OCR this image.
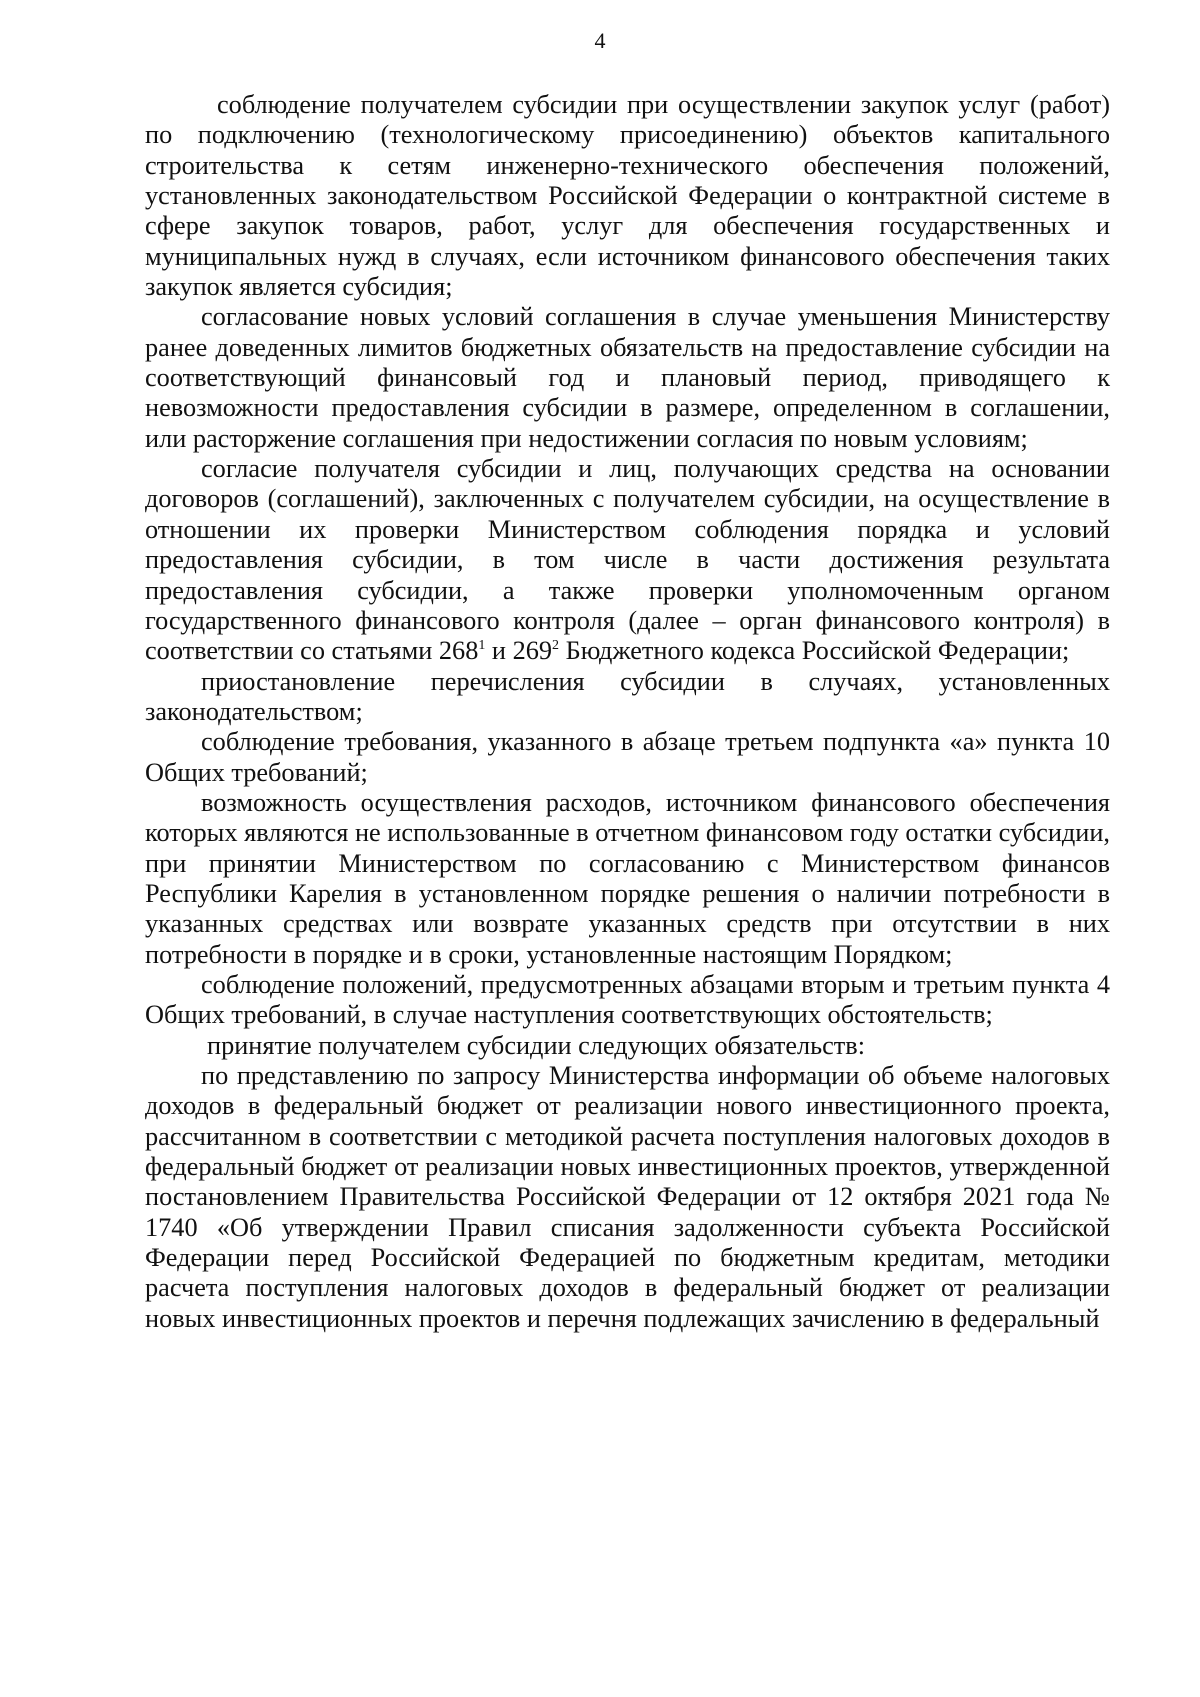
4

соблюдение получателем субсидии при осуществлении закупок услуг (работ) по подключению (технологическому присоединению) объектов капитального строительства к сетям инженерно-технического обеспечения положений, установленных законодательством Российской Федерации о контрактной системе в сфере закупок товаров, работ, услуг для обеспечения государственных и муниципальных нужд в случаях, если источником финансового обеспечения таких закупок является субсидия;

согласование новых условий соглашения в случае уменьшения Министерству ранее доведенных лимитов бюджетных обязательств на предоставление субсидии на соответствующий финансовый год и плановый период, приводящего к невозможности предоставления субсидии в размере, определенном в соглашении, или расторжение соглашения при недостижении согласия по новым условиям;

согласие получателя субсидии и лиц, получающих средства на основании договоров (соглашений), заключенных с получателем субсидии, на осуществление в отношении их проверки Министерством соблюдения порядка и условий предоставления субсидии, в том числе в части достижения результата предоставления субсидии, а также проверки уполномоченным органом государственного финансового контроля (далее – орган финансового контроля) в соответствии со статьями $268^1$ и $269^2$ Бюджетного кодекса Российской Федерации;

приостановление перечисления субсидии в случаях, установленных законодательством;

соблюдение требования, указанного в абзаце третьем подпункта «а» пункта 10 Общих требований;

возможность осуществления расходов, источником финансового обеспечения которых являются не использованные в отчетном финансовом году остатки субсидии, при принятии Министерством по согласованию с Министерством финансов Республики Карелия в установленном порядке решения о наличии потребности в указанных средствах или возврате указанных средств при отсутствии в них потребности в порядке и в сроки, установленные настоящим Порядком;

соблюдение положений, предусмотренных абзацами вторым и третьим пункта 4 Общих требований, в случае наступления соответствующих обстоятельств;

принятие получателем субсидии следующих обязательств:

по представлению по запросу Министерства информации об объеме налоговых доходов в федеральный бюджет от реализации нового инвестиционного проекта, рассчитанном в соответствии с методикой расчета поступления налоговых доходов в федеральный бюджет от реализации новых инвестиционных проектов, утвержденной постановлением Правительства Российской Федерации от 12 октября 2021 года № 1740 «Об утверждении Правил списания задолженности субъекта Российской Федерации перед Российской Федерацией по бюджетным кредитам, методики расчета поступления налоговых доходов в федеральный бюджет от реализации новых инвестиционных проектов и перечня подлежащих зачислению в федеральный
